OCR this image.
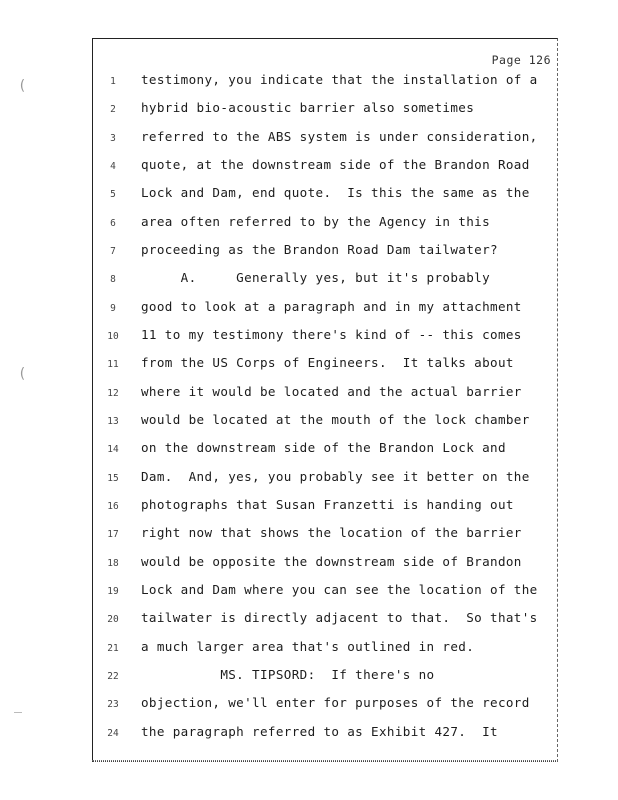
(
(
Page 126
1	testimony, you indicate that the installation of a
2	hybrid bio-acoustic barrier also sometimes
3	referred to the ABS system is under consideration,
4	quote, at the downstream side of the Brandon Road
5	Lock and Dam, end quote.  Is this the same as the
6	area often referred to by the Agency in this
7	proceeding as the Brandon Road Dam tailwater?
8	A.     Generally yes, but it's probably
9	good to look at a paragraph and in my attachment
10	11 to my testimony there's kind of -- this comes
11	from the US Corps of Engineers.  It talks about
12	where it would be located and the actual barrier
13	would be located at the mouth of the lock chamber
14	on the downstream side of the Brandon Lock and
15	Dam.  And, yes, you probably see it better on the
16	photographs that Susan Franzetti is handing out
17	right now that shows the location of the barrier
18	would be opposite the downstream side of Brandon
19	Lock and Dam where you can see the location of the
20	tailwater is directly adjacent to that.  So that's
21	a much larger area that's outlined in red.
22	MS. TIPSORD:  If there's no
23	objection, we'll enter for purposes of the record
24	the paragraph referred to as Exhibit 427.  It
